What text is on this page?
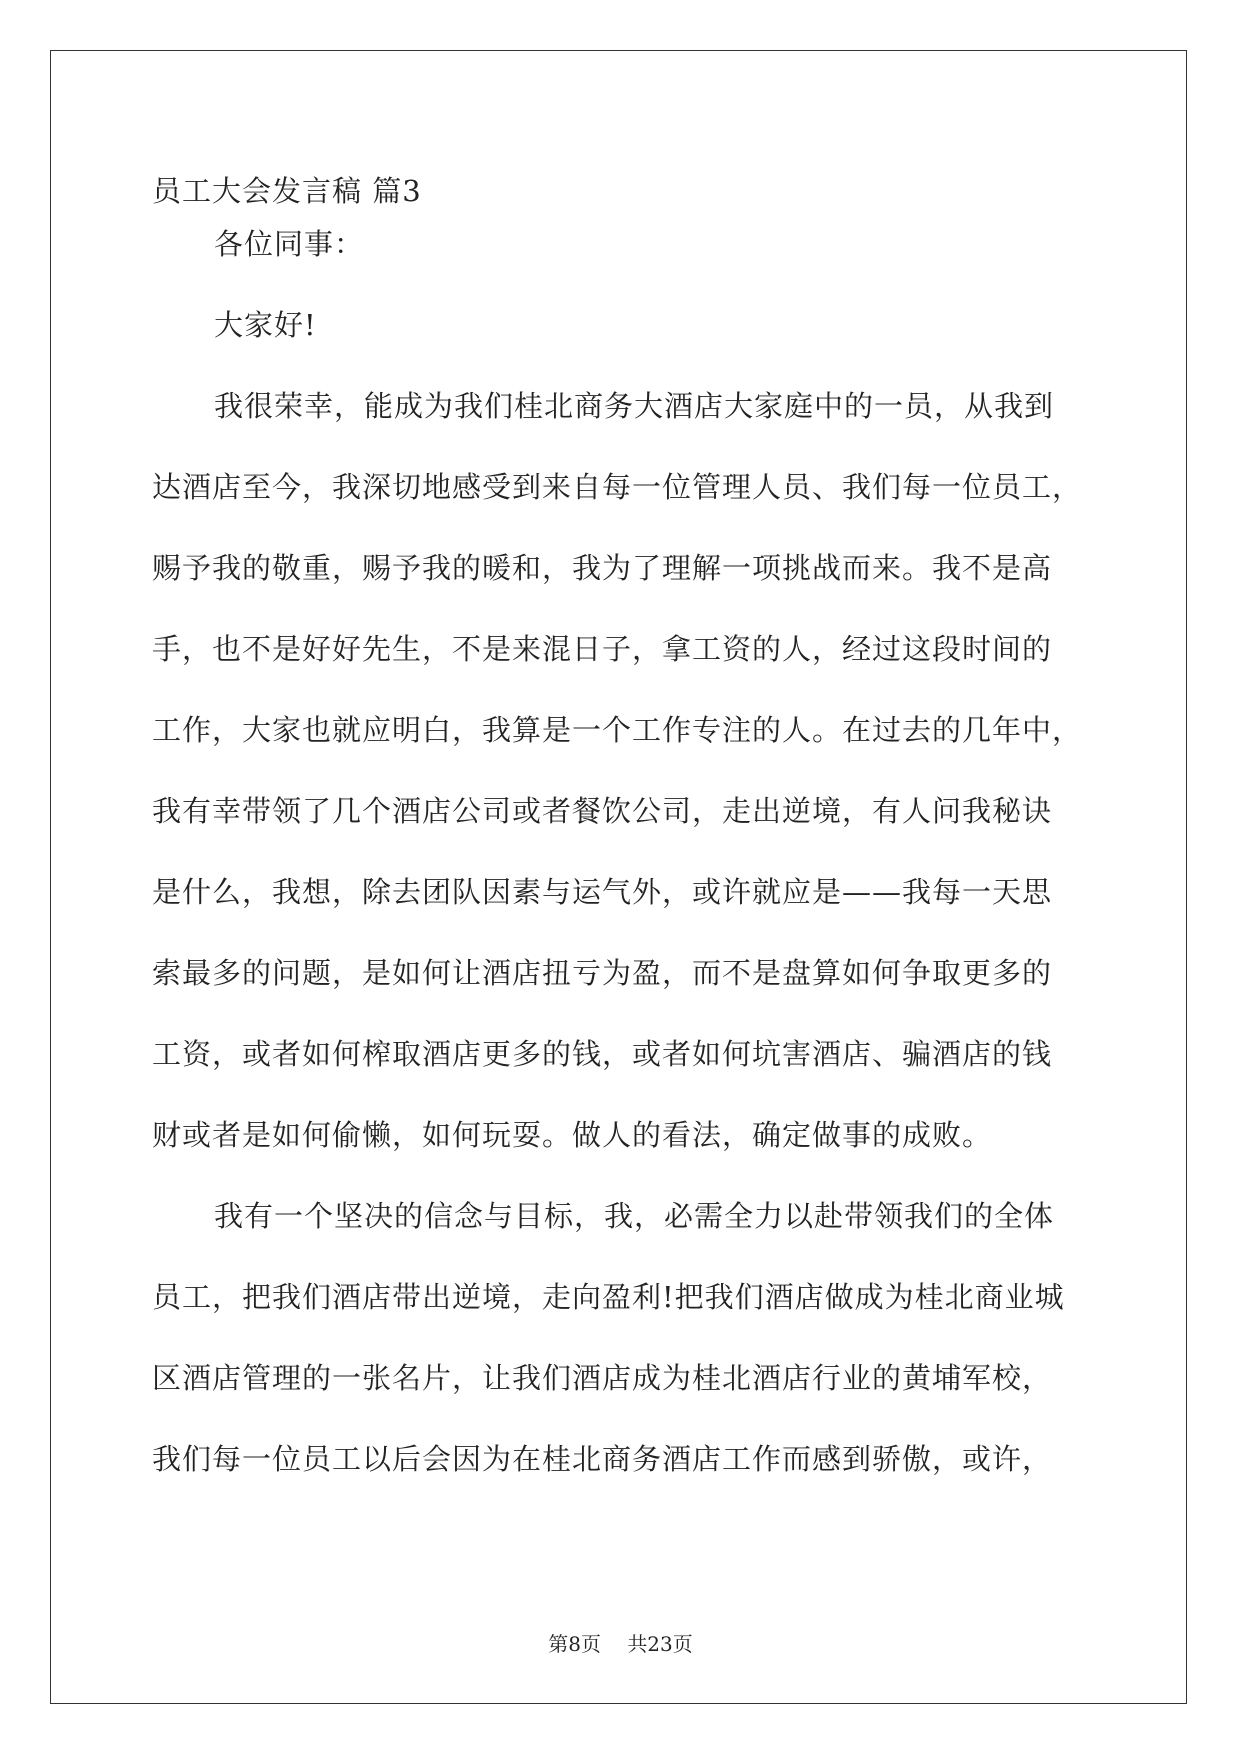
员工大会发言稿 篇3
各位同事：
大家好!
我很荣幸，能成为我们桂北商务大酒店大家庭中的一员，从我到
达酒店至今，我深切地感受到来自每一位管理人员、我们每一位员工，
赐予我的敬重，赐予我的暖和，我为了理解一项挑战而来。我不是高
手，也不是好好先生，不是来混日子，拿工资的人，经过这段时间的
工作，大家也就应明白，我算是一个工作专注的人。在过去的几年中，
我有幸带领了几个酒店公司或者餐饮公司，走出逆境，有人问我秘诀
是什么，我想，除去团队因素与运气外，或许就应是——我每一天思
索最多的问题，是如何让酒店扭亏为盈，而不是盘算如何争取更多的
工资，或者如何榨取酒店更多的钱，或者如何坑害酒店、骗酒店的钱
财或者是如何偷懒，如何玩耍。做人的看法，确定做事的成败。
我有一个坚决的信念与目标，我，必需全力以赴带领我们的全体
员工，把我们酒店带出逆境，走向盈利!把我们酒店做成为桂北商业城
区酒店管理的一张名片，让我们酒店成为桂北酒店行业的黄埔军校，
我们每一位员工以后会因为在桂北商务酒店工作而感到骄傲，或许，
第8页 共23页
